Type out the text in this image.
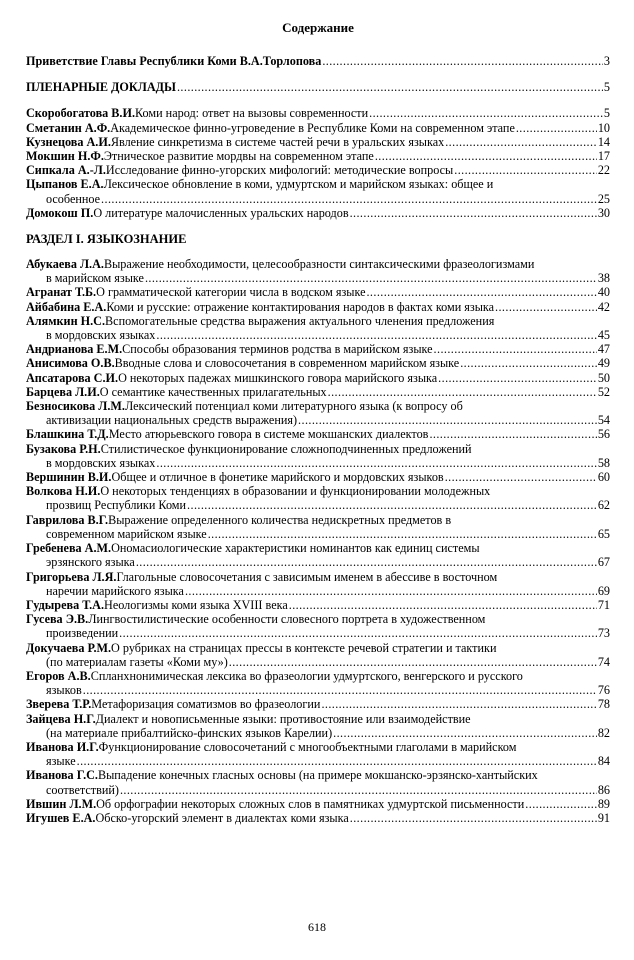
Содержание
Приветствие Главы Республики Коми В.А.Торлопова .....	3
ПЛЕНАРНЫЕ ДОКЛАДЫ .....	5
Скоробогатова В.И. Коми народ: ответ на вызовы современности .....	5
Сметанин А.Ф. Академическое финно-угроведение в Республике Коми на современном этапе .....	10
Кузнецова А.И. Явление синкретизма в системе частей речи в уральских языках .....	14
Мокшин Н.Ф. Этническое развитие мордвы на современном этапе .....	17
Сипкала А.-Л. Исследование финно-угорских мифологий: методические вопросы .....	22
Цыпанов Е.А. Лексическое обновление в коми, удмуртском и марийском языках: общее и
особенное .....	25
Домокош П. О литературе малочисленных уральских народов .....	30
РАЗДЕЛ I. ЯЗЫКОЗНАНИЕ
Абукаева Л.А. Выражение необходимости, целесообразности синтаксическими фразеологизмами
в марийском языке .....	38
Агранат Т.Б. О грамматической категории числа в водском языке .....	40
Айбабина Е.А. Коми и русские: отражение контактирования народов в фактах коми языка .....	42
Алямкин Н.С. Вспомогательные средства выражения актуального членения предложения
в мордовских языках .....	45
Андрианова Е.М. Способы образования терминов родства в марийском языке .....	47
Анисимова О.В. Вводные слова и словосочетания в современном марийском языке .....	49
Апсатарова С.И. О некоторых падежах мишкинского говора марийского языка .....	50
Барцева Л.И. О семантике качественных прилагательных .....	52
Безносикова Л.М. Лексический потенциал коми литературного языка (к вопросу об
активизации национальных средств выражения) .....	54
Блашкина Т.Д. Место атюрьевского говора в системе мокшанских диалектов .....	56
Бузакова Р.Н. Стилистическое функционирование сложноподчиненных предложений
в мордовских языках .....	58
Вершинин В.И. Общее и отличное в фонетике марийского и мордовских языков .....	60
Волкова Н.И. О некоторых тенденциях в образовании и функционировании молодежных
прозвищ Республики Коми .....	62
Гаврилова В.Г. Выражение определенного количества недискретных предметов в
современном марийском языке .....	65
Гребенева А.М. Ономасиологические характеристики номинантов как единиц системы
эрзянского языка .....	67
Григорьева Л.Я. Глагольные словосочетания с зависимым именем в абессиве в восточном
наречии марийского языка .....	69
Гудырева Т.А. Неологизмы коми языка XVIII века .....	71
Гусева Э.В. Лингвостилистические особенности словесного портрета в художественном
произведении .....	73
Докучаева Р.М. О рубриках на страницах прессы в контексте речевой стратегии и тактики
(по материалам газеты «Коми му») .....	74
Егоров А.В. Спланхнонимическая лексика во фразеологии удмуртского, венгерского и русского
языков .....	76
Зверева Т.Р. Метафоризация соматизмов во фразеологии .....	78
Зайцева Н.Г. Диалект и новописьменные языки: противостояние или взаимодействие
(на материале прибалтийско-финских языков Карелии) .....	82
Иванова И.Г. Функционирование словосочетаний с многообъектными глаголами в марийском
языке .....	84
Иванова Г.С. Выпадение конечных гласных основы (на примере мокшанско-эрзянско-хантыйских
соответствий) .....	86
Ившин Л.М. Об орфографии некоторых сложных слов в памятниках удмуртской письменности .....	89
Игушев Е.А. Обско-угорский элемент в диалектах коми языка .....	91
618
